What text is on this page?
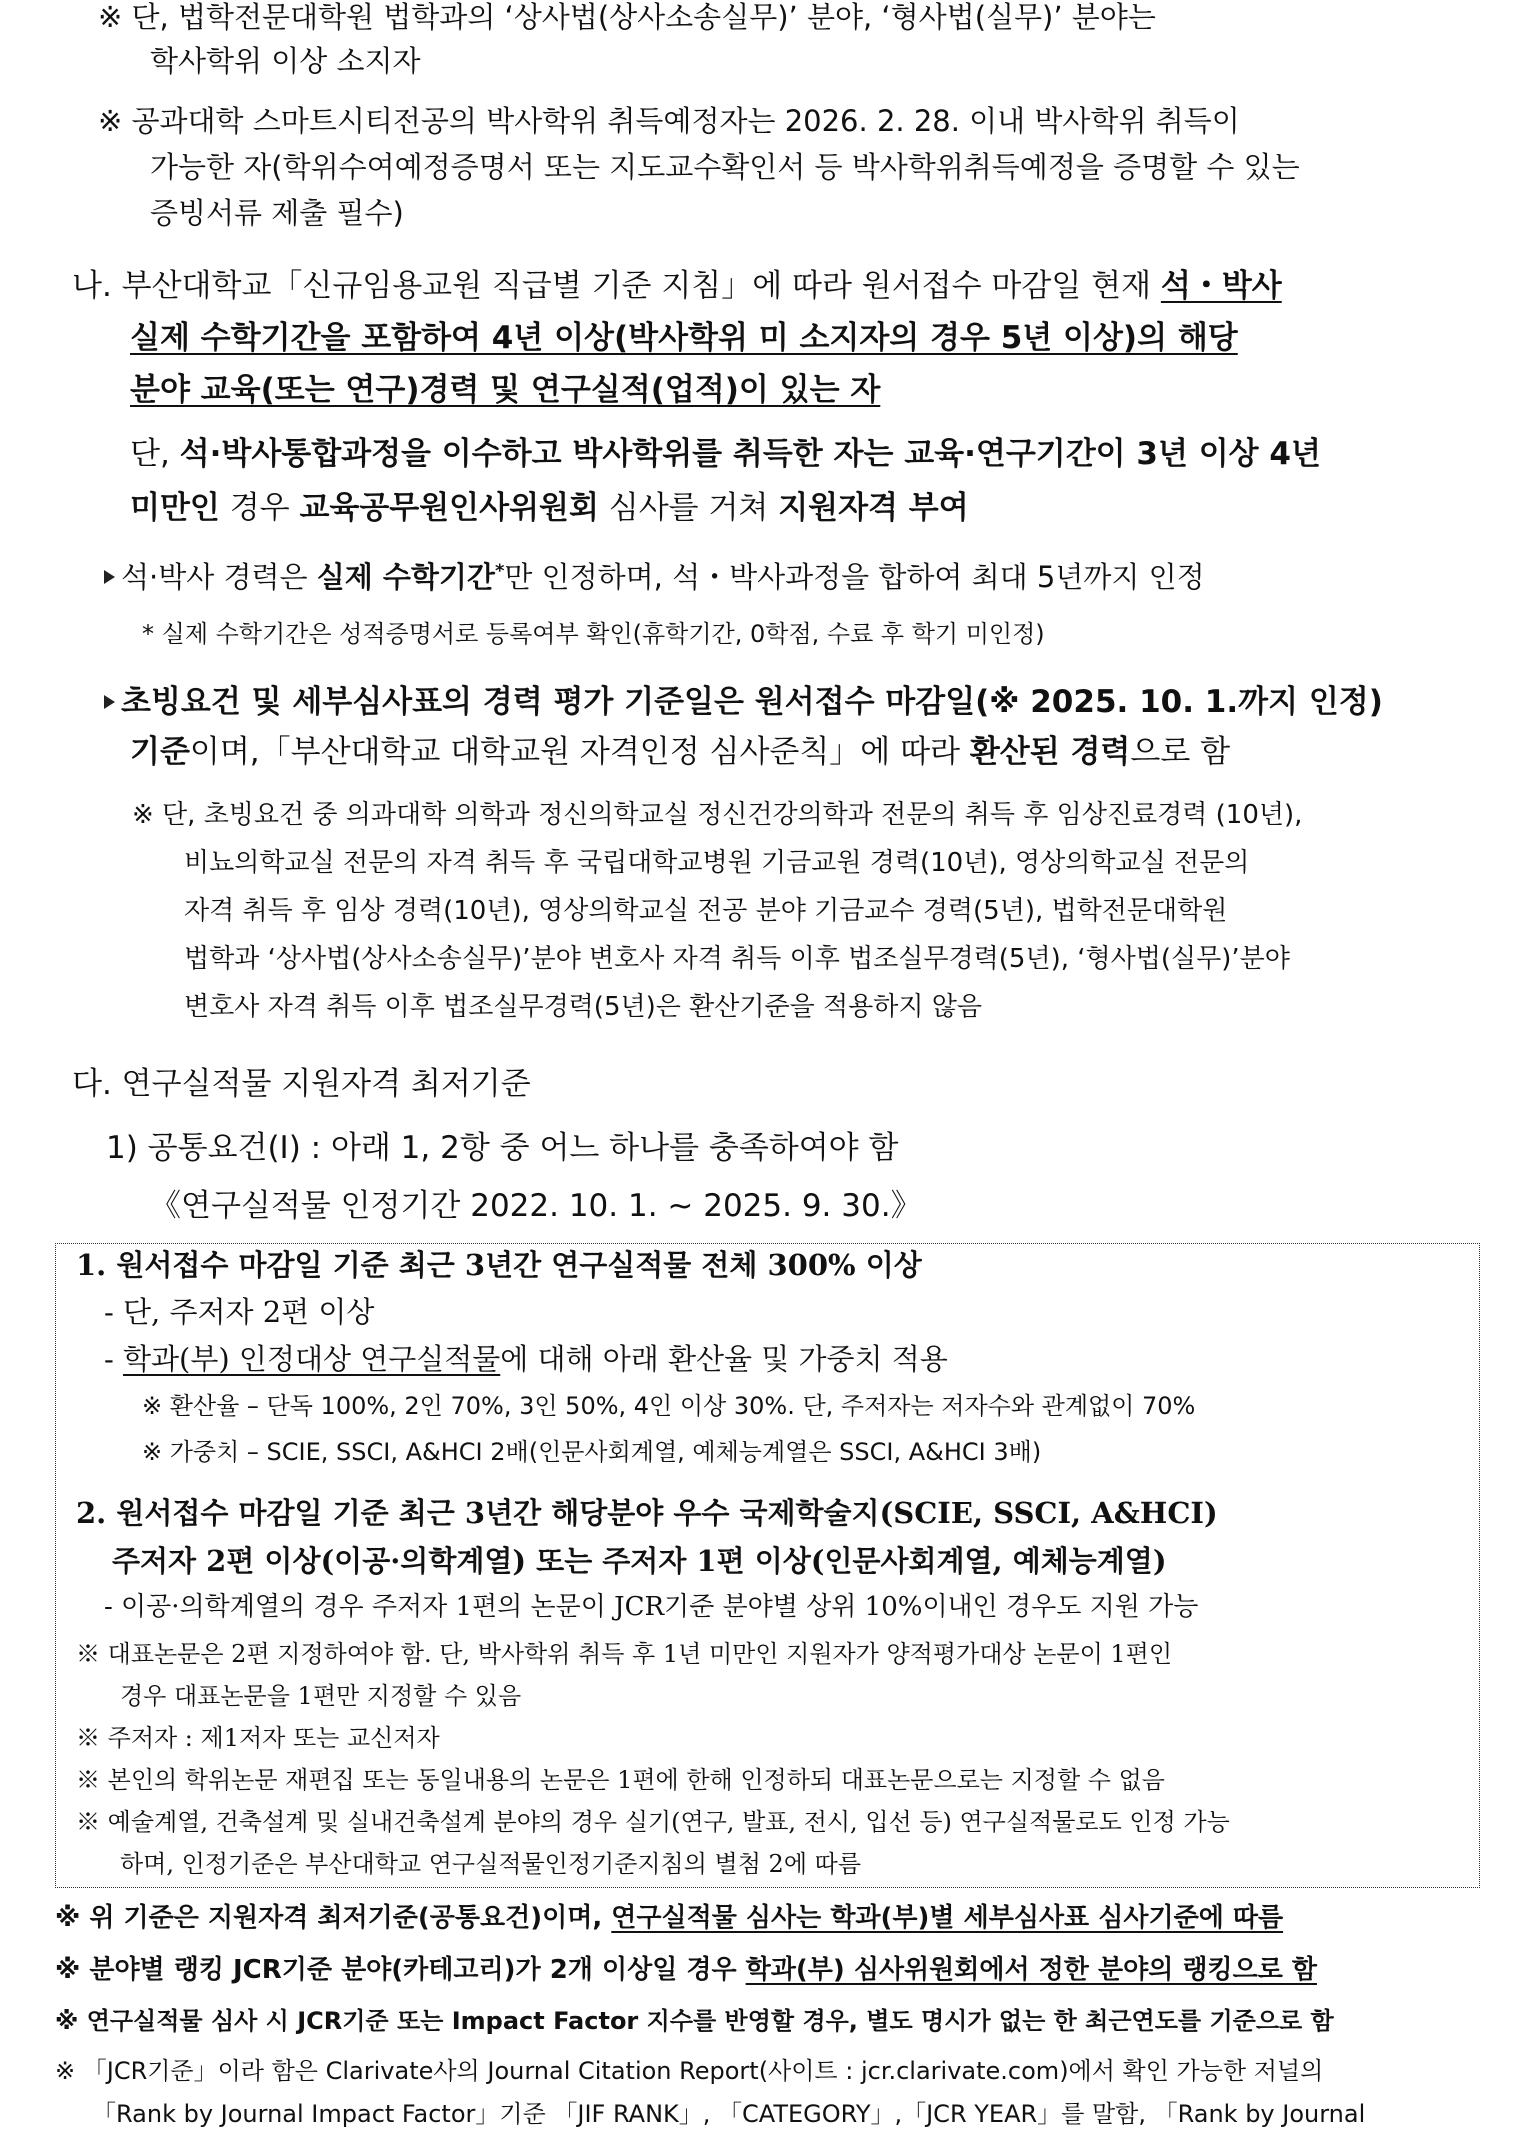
※ 단, 법학전문대학원 법학과의 ‘상사법(상사소송실무)’ 분야, ‘형사법(실무)’ 분야는
학사학위 이상 소지자
※ 공과대학 스마트시티전공의 박사학위 취득예정자는 2026. 2. 28. 이내 박사학위 취득이
가능한 자(학위수여예정증명서 또는 지도교수확인서 등 박사학위취득예정을 증명할 수 있는
증빙서류 제출 필수)
나. 부산대학교「신규임용교원 직급별 기준 지침」에 따라 원서접수 마감일 현재 석・박사
실제 수학기간을 포함하여 4년 이상(박사학위 미 소지자의 경우 5년 이상)의 해당
분야 교육(또는 연구)경력 및 연구실적(업적)이 있는 자
단, 석·박사통합과정을 이수하고 박사학위를 취득한 자는 교육·연구기간이 3년 이상 4년
미만인 경우 교육공무원인사위원회 심사를 거쳐 지원자격 부여
석·박사 경력은 실제 수학기간*만 인정하며, 석・박사과정을 합하여 최대 5년까지 인정
* 실제 수학기간은 성적증명서로 등록여부 확인(휴학기간, 0학점, 수료 후 학기 미인정)
초빙요건 및 세부심사표의 경력 평가 기준일은 원서접수 마감일(※ 2025. 10. 1.까지 인정)
기준이며,「부산대학교 대학교원 자격인정 심사준칙」에 따라 환산된 경력으로 함
※ 단, 초빙요건 중 의과대학 의학과 정신의학교실 정신건강의학과 전문의 취득 후 임상진료경력 (10년),
비뇨의학교실 전문의 자격 취득 후 국립대학교병원 기금교원 경력(10년), 영상의학교실 전문의
자격 취득 후 임상 경력(10년), 영상의학교실 전공 분야 기금교수 경력(5년), 법학전문대학원
법학과 ‘상사법(상사소송실무)’분야 변호사 자격 취득 이후 법조실무경력(5년), ‘형사법(실무)’분야
변호사 자격 취득 이후 법조실무경력(5년)은 환산기준을 적용하지 않음
다. 연구실적물 지원자격 최저기준
1) 공통요건(Ⅰ) : 아래 1, 2항 중 어느 하나를 충족하여야 함
《연구실적물 인정기간 2022. 10. 1. ~ 2025. 9. 30.》
1. 원서접수 마감일 기준 최근 3년간 연구실적물 전체 300% 이상
- 단, 주저자 2편 이상
- 학과(부) 인정대상 연구실적물에 대해 아래 환산율 및 가중치 적용
※ 환산율 – 단독 100%, 2인 70%, 3인 50%, 4인 이상 30%. 단, 주저자는 저자수와 관계없이 70%
※ 가중치 – SCIE, SSCI, A&HCI 2배(인문사회계열, 예체능계열은 SSCI, A&HCI 3배)
2. 원서접수 마감일 기준 최근 3년간 해당분야 우수 국제학술지(SCIE, SSCI, A&HCI)
주저자 2편 이상(이공·의학계열) 또는 주저자 1편 이상(인문사회계열, 예체능계열)
- 이공·의학계열의 경우 주저자 1편의 논문이 JCR기준 분야별 상위 10%이내인 경우도 지원 가능
※ 대표논문은 2편 지정하여야 함. 단, 박사학위 취득 후 1년 미만인 지원자가 양적평가대상 논문이 1편인
경우 대표논문을 1편만 지정할 수 있음
※ 주저자 : 제1저자 또는 교신저자
※ 본인의 학위논문 재편집 또는 동일내용의 논문은 1편에 한해 인정하되 대표논문으로는 지정할 수 없음
※ 예술계열, 건축설계 및 실내건축설계 분야의 경우 실기(연구, 발표, 전시, 입선 등) 연구실적물로도 인정 가능
하며, 인정기준은 부산대학교 연구실적물인정기준지침의 별첨 2에 따름
※ 위 기준은 지원자격 최저기준(공통요건)이며, 연구실적물 심사는 학과(부)별 세부심사표 심사기준에 따름
※ 분야별 랭킹 JCR기준 분야(카테고리)가 2개 이상일 경우 학과(부) 심사위원회에서 정한 분야의 랭킹으로 함
※ 연구실적물 심사 시 JCR기준 또는 Impact Factor 지수를 반영할 경우, 별도 명시가 없는 한 최근연도를 기준으로 함
※ 「JCR기준」이라 함은 Clarivate사의 Journal Citation Report(사이트 : jcr.clarivate.com)에서 확인 가능한 저널의
「Rank by Journal Impact Factor」기준 「JIF RANK」, 「CATEGORY」,「JCR YEAR」를 말함, 「Rank by Journal
